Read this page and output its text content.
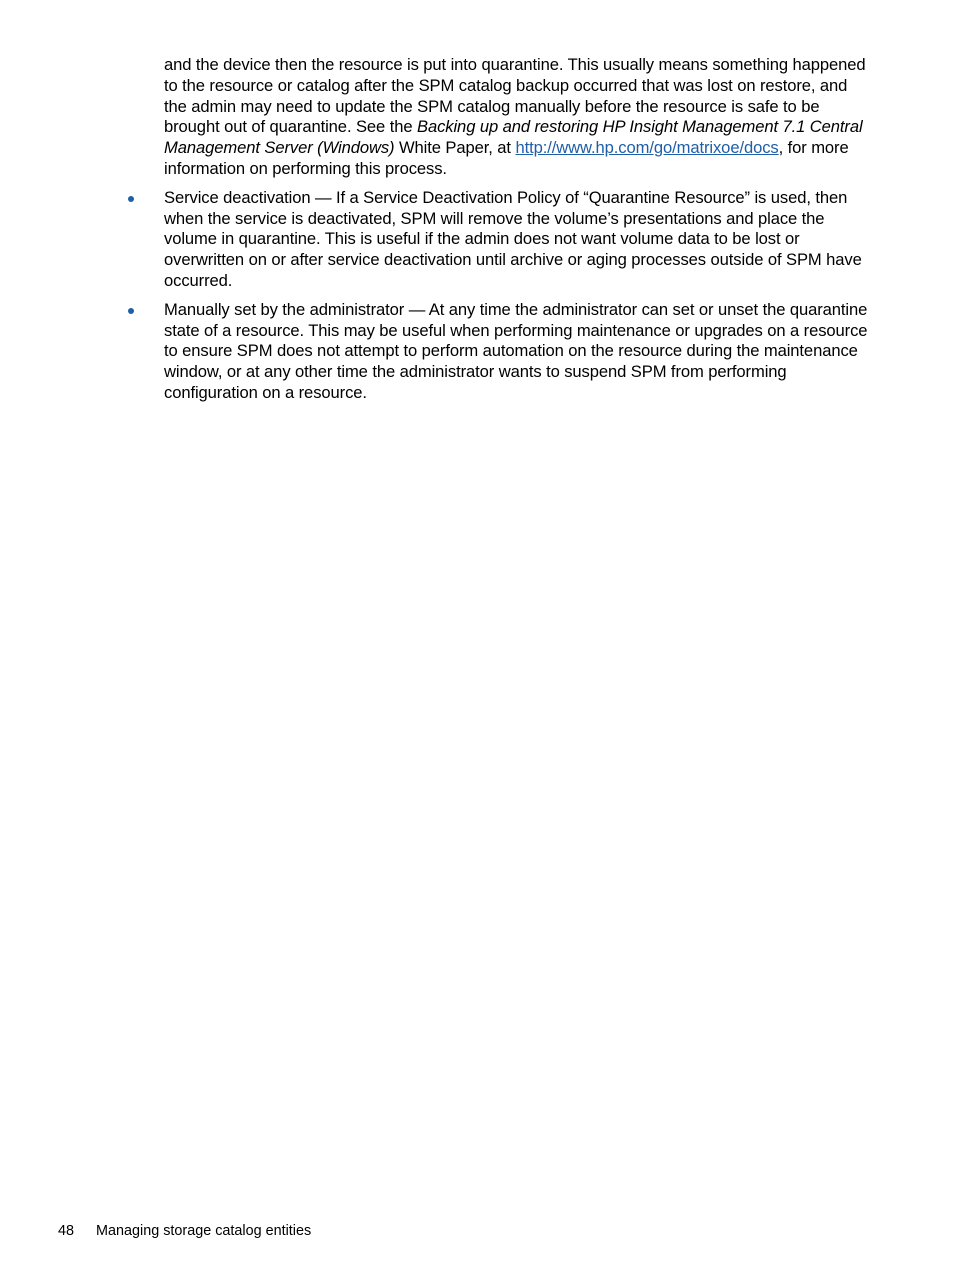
and the device then the resource is put into quarantine. This usually means something happened to the resource or catalog after the SPM catalog backup occurred that was lost on restore, and the admin may need to update the SPM catalog manually before the resource is safe to be brought out of quarantine. See the Backing up and restoring HP Insight Management 7.1 Central Management Server (Windows) White Paper, at http://www.hp.com/go/matrixoe/docs, for more information on performing this process.

Service deactivation — If a Service Deactivation Policy of “Quarantine Resource” is used, then when the service is deactivated, SPM will remove the volume’s presentations and place the volume in quarantine. This is useful if the admin does not want volume data to be lost or overwritten on or after service deactivation until archive or aging processes outside of SPM have occurred.
Manually set by the administrator — At any time the administrator can set or unset the quarantine state of a resource. This may be useful when performing maintenance or upgrades on a resource to ensure SPM does not attempt to perform automation on the resource during the maintenance window, or at any other time the administrator wants to suspend SPM from performing configuration on a resource.
48 Managing storage catalog entities
